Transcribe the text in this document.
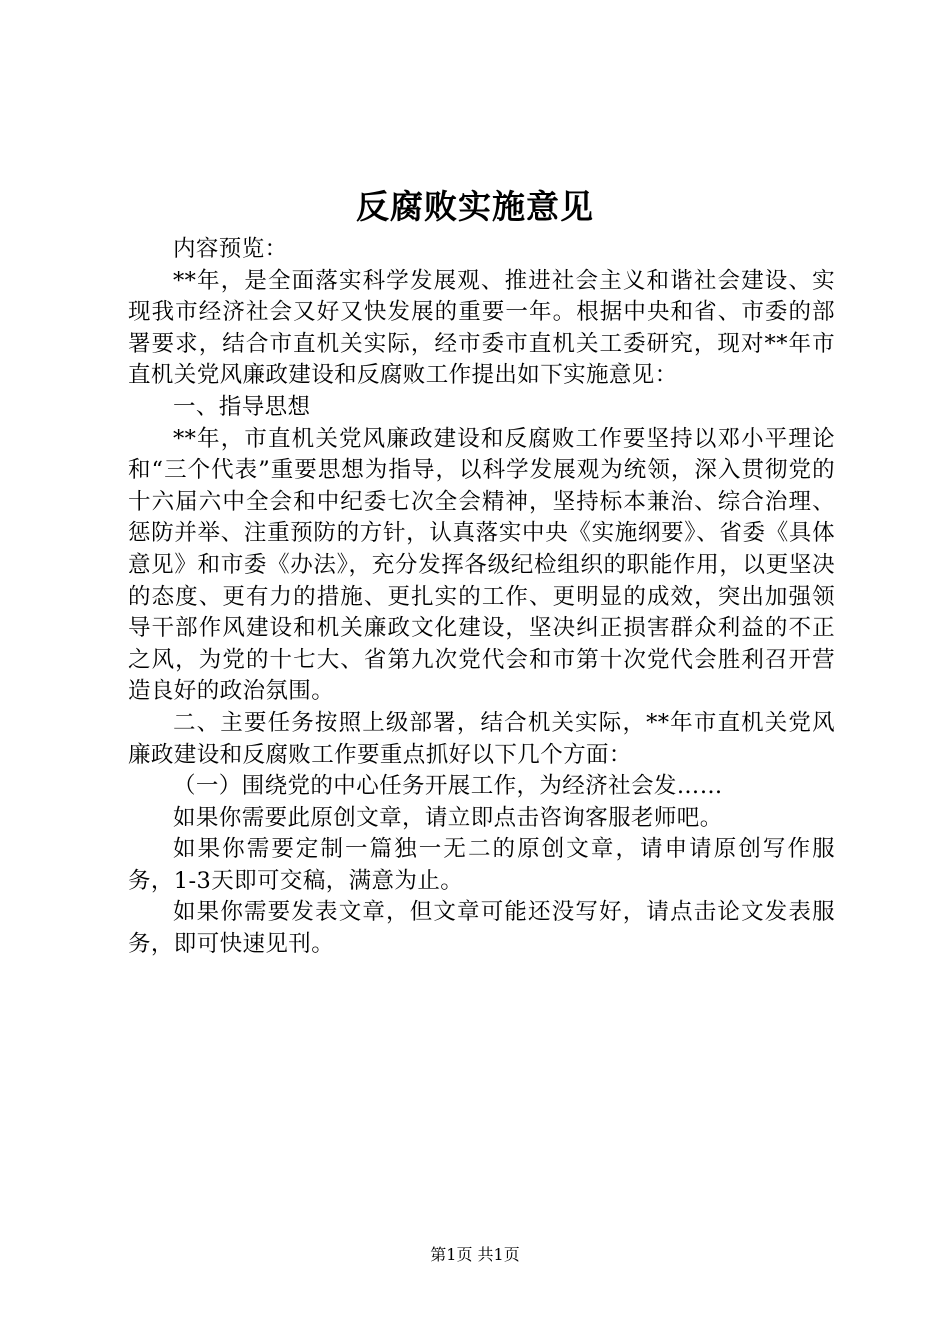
反腐败实施意见

内容预览：

**年，是全面落实科学发展观、推进社会主义和谐社会建设、实现我市经济社会又好又快发展的重要一年。根据中央和省、市委的部署要求，结合市直机关实际，经市委市直机关工委研究，现对**年市直机关党风廉政建设和反腐败工作提出如下实施意见：

一、指导思想

**年，市直机关党风廉政建设和反腐败工作要坚持以邓小平理论和“三个代表”重要思想为指导，以科学发展观为统领，深入贯彻党的十六届六中全会和中纪委七次全会精神，坚持标本兼治、综合治理、惩防并举、注重预防的方针，认真落实中央《实施纲要》、省委《具体意见》和市委《办法》，充分发挥各级纪检组织的职能作用，以更坚决的态度、更有力的措施、更扎实的工作、更明显的成效，突出加强领导干部作风建设和机关廉政文化建设，坚决纠正损害群众利益的不正之风，为党的十七大、省第九次党代会和市第十次党代会胜利召开营造良好的政治氛围。

二、主要任务按照上级部署，结合机关实际，**年市直机关党风廉政建设和反腐败工作要重点抓好以下几个方面：

（一）围绕党的中心任务开展工作，为经济社会发……

如果你需要此原创文章，请立即点击咨询客服老师吧。

如果你需要定制一篇独一无二的原创文章，请申请原创写作服务，1-3天即可交稿，满意为止。

如果你需要发表文章，但文章可能还没写好，请点击论文发表服务，即可快速见刊。

第1页 共1页
